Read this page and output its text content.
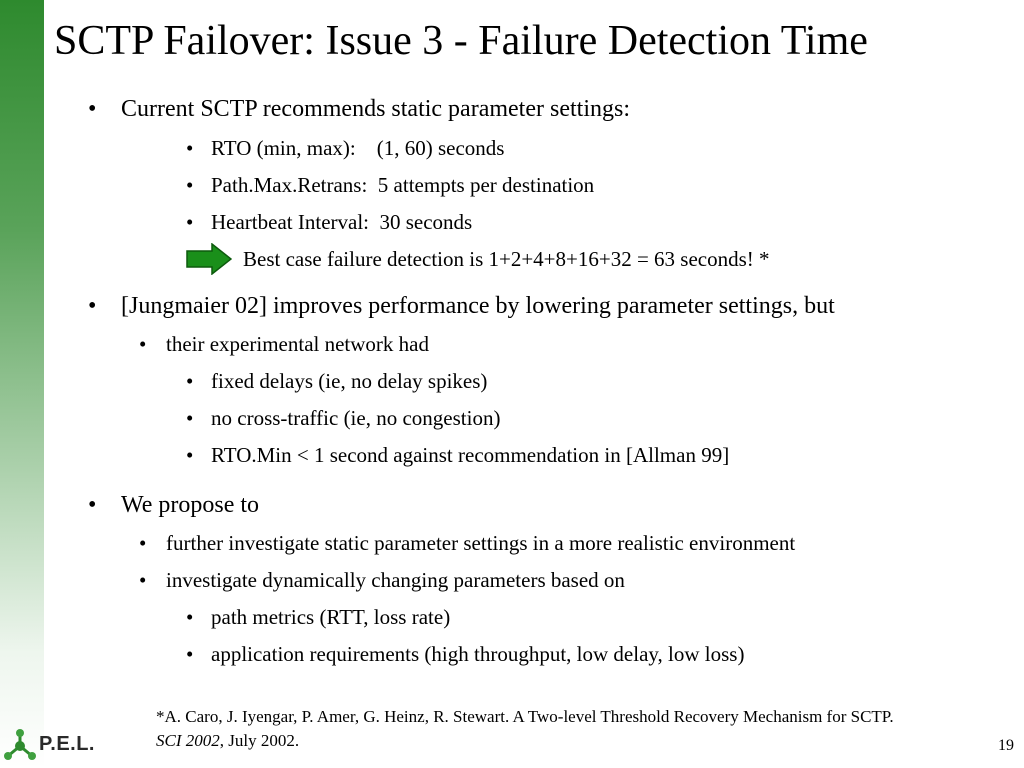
SCTP Failover: Issue 3 - Failure Detection Time
• Current SCTP recommends static parameter settings:
• RTO (min, max):    (1, 60) seconds
• Path.Max.Retrans:  5 attempts per destination
• Heartbeat Interval:  30 seconds
Best case failure detection is 1+2+4+8+16+32 = 63 seconds! *
• [Jungmaier 02] improves performance by lowering parameter settings, but
• their experimental network had
• fixed delays (ie, no delay spikes)
• no cross-traffic (ie, no congestion)
• RTO.Min < 1 second against recommendation in [Allman 99]
• We propose to
• further investigate static parameter settings in a more realistic environment
• investigate dynamically changing parameters based on
• path metrics (RTT, loss rate)
• application requirements (high throughput, low delay, low loss)
*A. Caro, J. Iyengar, P. Amer, G. Heinz, R. Stewart. A Two-level Threshold Recovery Mechanism for SCTP. SCI 2002, July 2002.
P.E.L.	19
